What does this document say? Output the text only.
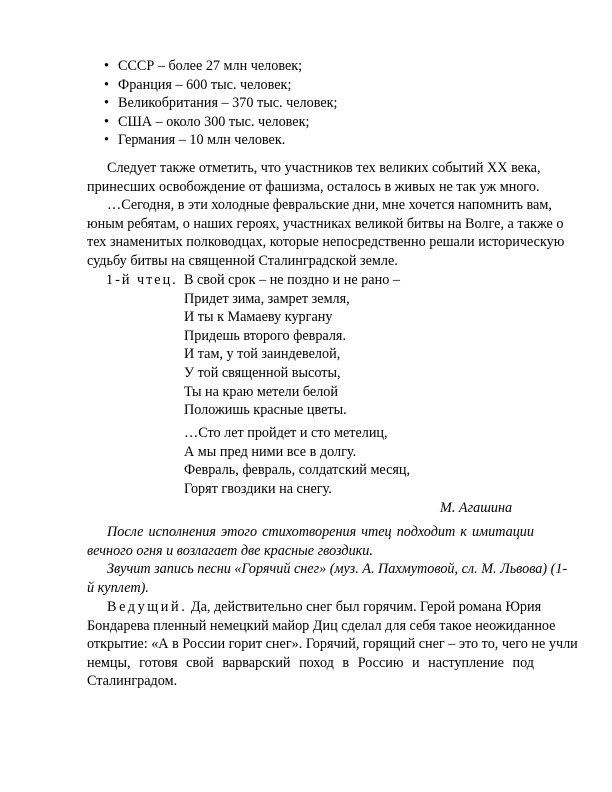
• СССР – более 27 млн человек;
• Франция – 600 тыс. человек;
• Великобритания – 370 тыс. человек;
• США – около 300 тыс. человек;
• Германия – 10 млн человек.
Следует также отметить, что участников тех великих событий XX века,
принесших освобождение от фашизма, осталось в живых не так уж много.
…Сегодня, в эти холодные февральские дни, мне хочется напомнить вам,
юным ребятам, о наших героях, участниках великой битвы на Волге, а также о
тех знаменитых полководцах, которые непосредственно решали историческую
судьбу битвы на священной Сталинградской земле.
1-й чтец. В свой срок – не поздно и не рано –
Придет зима, замрет земля,
И ты к Мамаеву кургану
Придешь второго февраля.
И там, у той заиндевелой,
У той священной высоты,
Ты на краю метели белой
Положишь красные цветы.
…Сто лет пройдет и сто метелиц,
А мы пред ними все в долгу.
Февраль, февраль, солдатский месяц,
Горят гвоздики на снегу.
М. Агашина
После исполнения этого стихотворения чтец подходит к имитации
вечного огня и возлагает две красные гвоздики.
Звучит запись песни «Горячий снег» (муз. А. Пахмутовой, сл. М. Львова) (1-
й куплет).
Ведущий. Да, действительно снег был горячим. Герой романа Юрия
Бондарева пленный немецкий майор Диц сделал для себя такое неожиданное
открытие: «А в России горит снег». Горячий, горящий снег – это то, чего не учли
немцы, готовя свой варварский поход в Россию и наступление под
Сталинградом.
